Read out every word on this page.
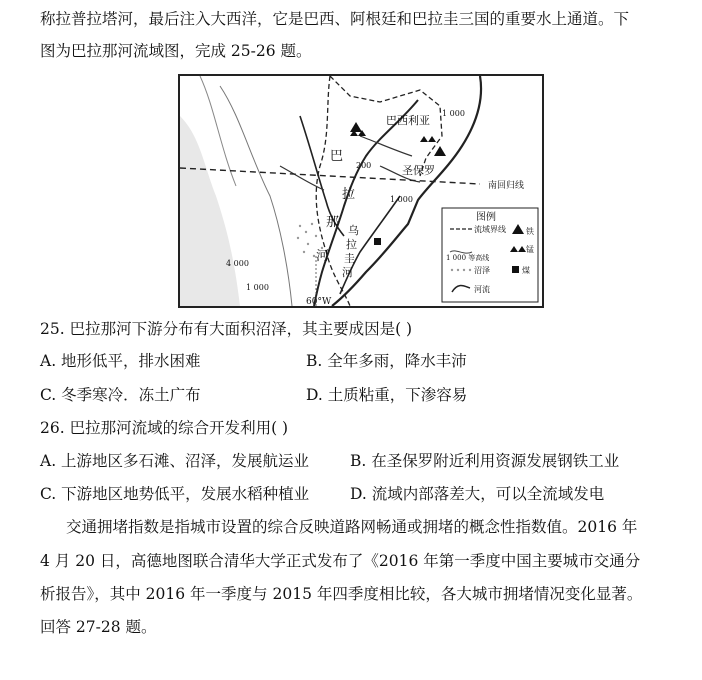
称拉普拉塔河，最后注入大西洋，它是巴西、阿根廷和巴拉圭三国的重要水上通道。下
图为巴拉那河流域图，完成 25-26 题。
巴西利亚
圣保罗
南回归线
巴
拉
那
河
乌
拉
圭
河
1 000
200
1 000
4 000
1 000
60°W
图例
流域界线
1 000 等高线
沼泽
河流
铁
锰
煤
25. 巴拉那河下游分布有大面积沼泽，其主要成因是( )
A. 地形低平，排水困难	B. 全年多雨，降水丰沛
C. 冬季寒冷．冻土广布	D. 土质粘重，下渗容易
26. 巴拉那河流域的综合开发利用( )
A. 上游地区多石滩、沼泽，发展航运业	B. 在圣保罗附近利用资源发展钢铁工业
C. 下游地区地势低平，发展水稻种植业	D. 流域内部落差大，可以全流域发电
交通拥堵指数是指城市设置的综合反映道路网畅通或拥堵的概念性指数值。2016 年
4 月 20 日，高德地图联合清华大学正式发布了《2016 年第一季度中国主要城市交通分
析报告》，其中 2016 年一季度与 2015 年四季度相比较，各大城市拥堵情况变化显著。
回答 27-28 题。
